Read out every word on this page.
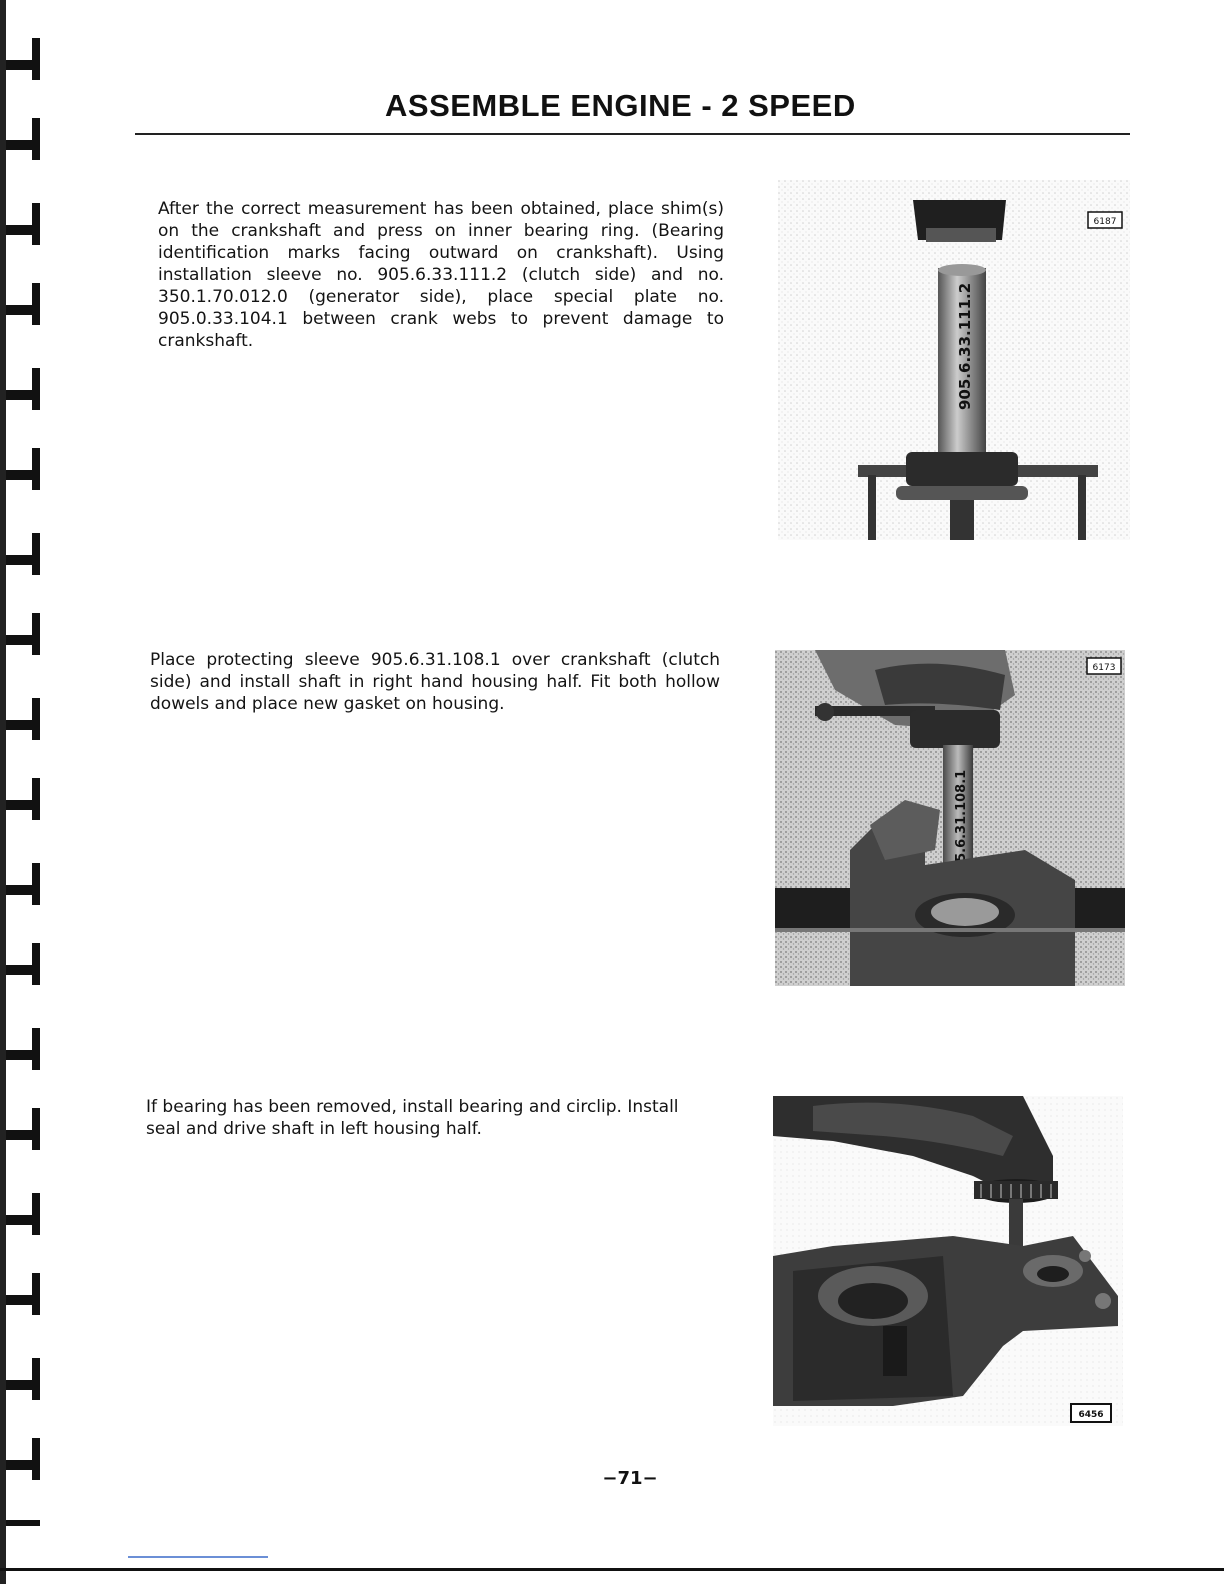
ASSEMBLE ENGINE - 2 SPEED
After the correct measurement has been obtained, place shim(s) on the crankshaft and press on inner bearing ring. (Bearing identification marks facing outward on crankshaft). Using installation sleeve no. 905.6.33.111.2 (clutch side) and no. 350.1.70.012.0 (generator side), place special plate no. 905.0.33.104.1 between crank webs to prevent damage to crankshaft.	905.6.33.111.2
6187
Place protecting sleeve 905.6.31.108.1 over crankshaft (clutch side) and install shaft in right hand housing half. Fit both hollow dowels and place new gasket on housing.
905.6.31.108.1
6173
If bearing has been removed, install bearing and circlip. Install seal and drive shaft in left housing half.
6456
−71−
